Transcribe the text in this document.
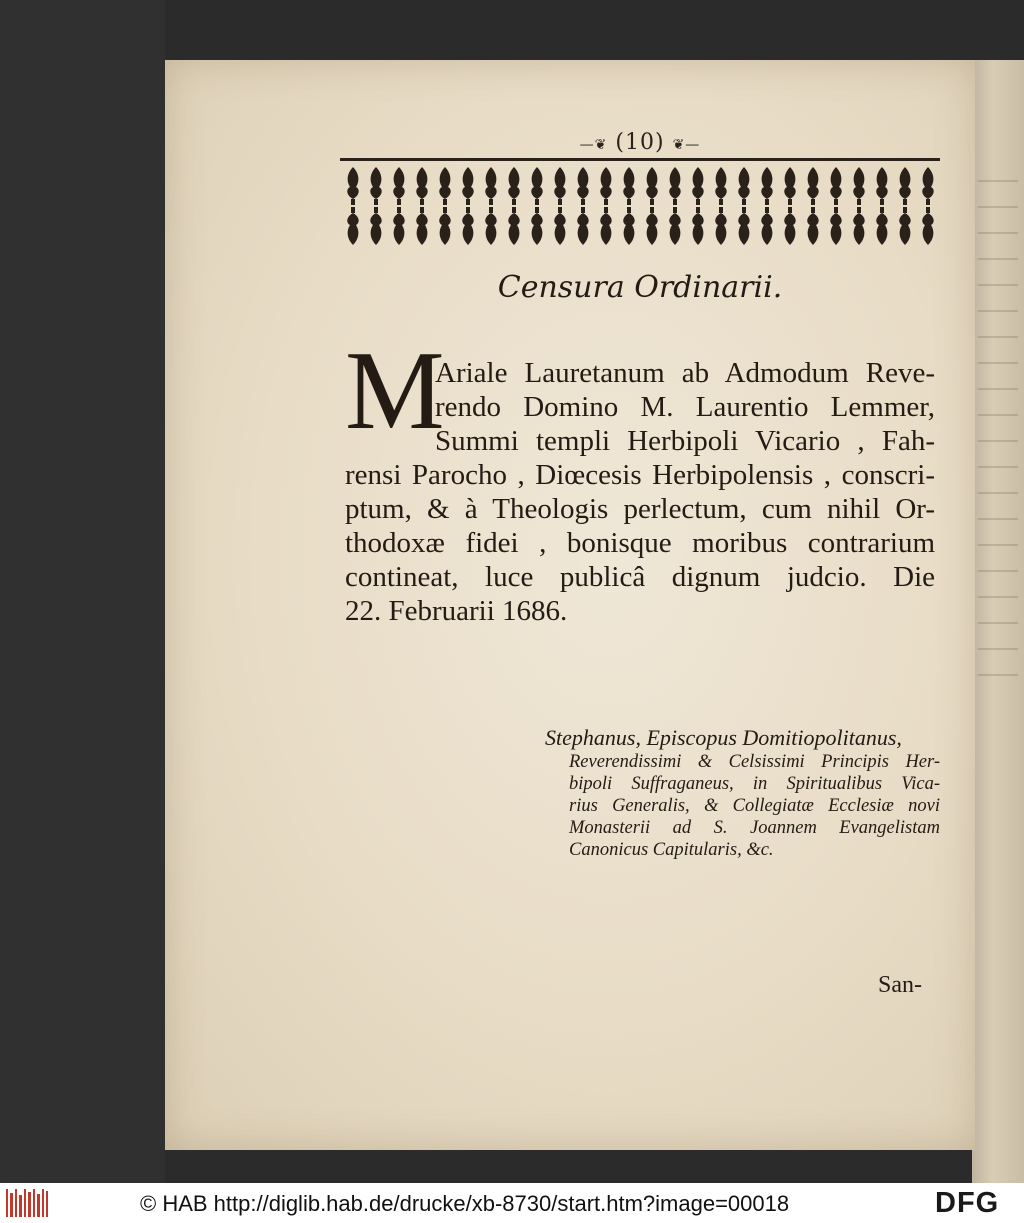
—❦ (10) ❦—
Censura Ordinarii.
M
Ariale Lauretanum ab Admodum Reve-
rendo Domino M. Laurentio Lemmer,
Summi templi Herbipoli Vicario , Fah-
rensi Parocho , Diœcesis Herbipolensis , conscri-
ptum, & à Theologis perlectum, cum nihil Or-
thodoxæ fidei , bonisque moribus contrarium
contineat, luce publicâ dignum judcio. Die
22. Februarii 1686.
Stephanus, Episcopus Domitiopolitanus,
Reverendissimi & Celsissimi Principis Her-
bipoli Suffraganeus, in Spiritualibus Vica-
rius Generalis, & Collegiatæ Ecclesiæ novi
Monasterii ad S. Joannem Evangelistam
Canonicus Capitularis, &c.
San-
© HAB http://diglib.hab.de/drucke/xb-8730/start.htm?image=00018	DFG
